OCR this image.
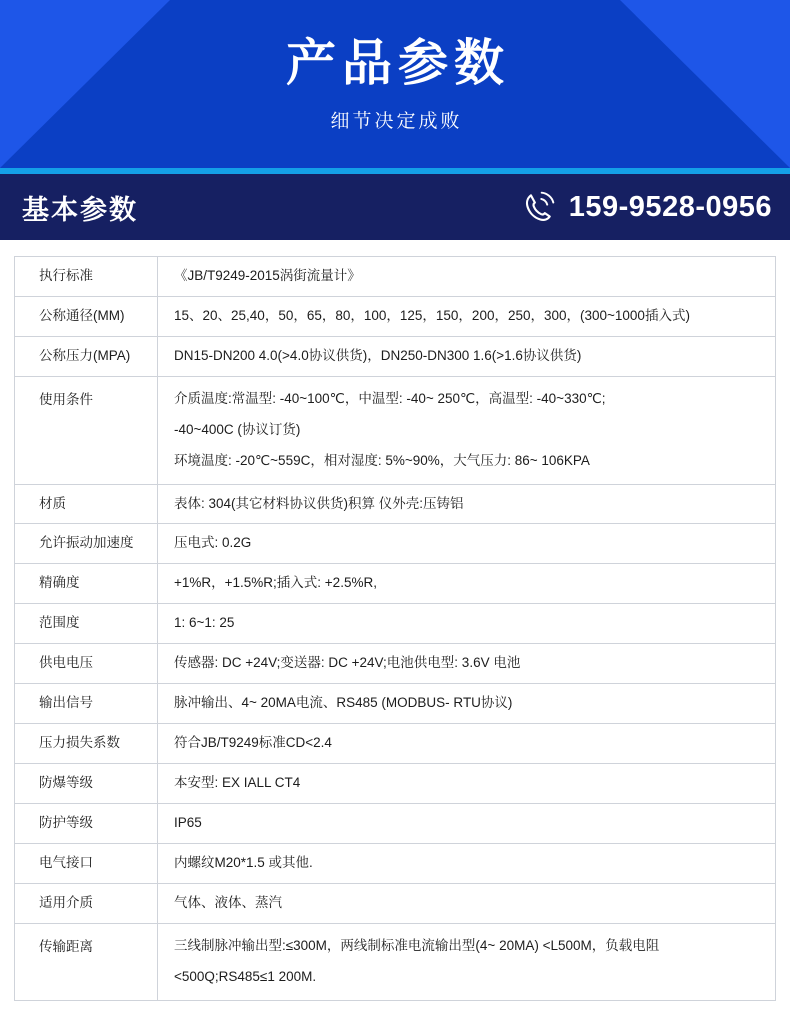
产品参数
细节决定成败
基本参数	159-9528-0956
执行标准	《JB/T9249-2015涡街流量计》

公称通径(MM)	15、20、25,40，50，65，80，100，125，150，200，250，300，(300~1000插入式)

公称压力(MPA)	DN15-DN200 4.0(>4.0协议供货)，DN250-DN300 1.6(>1.6协议供货)

使用条件	介质温度:常温型: -40~100℃，中温型: -40~ 250℃，高温型: -40~330℃;
-40~400C (协议订货)
环境温度: -20℃~559C，相对湿度: 5%~90%，大气压力: 86~ 106KPA

材质	表体: 304(其它材料协议供货)积算 仪外壳:压铸铝

允许振动加速度	压电式: 0.2G

精确度	+1%R，+1.5%R;插入式: +2.5%R,

范围度	1: 6~1: 25

供电电压	传感器: DC +24V;变送器: DC +24V;电池供电型: 3.6V 电池

输出信号	脉冲输出、4~ 20MA电流、RS485 (MODBUS- RTU协议)

压力损失系数	符合JB/T9249标准CD<2.4

防爆等级	本安型: EX IALL CT4

防护等级	IP65

电气接口	内螺纹M20*1.5 或其他.

适用介质	气体、液体、蒸汽

传输距离	三线制脉冲输出型:≤300M，两线制标准电流输出型(4~ 20MA) <L500M，负载电阻
<500Q;RS485≤1 200M.
